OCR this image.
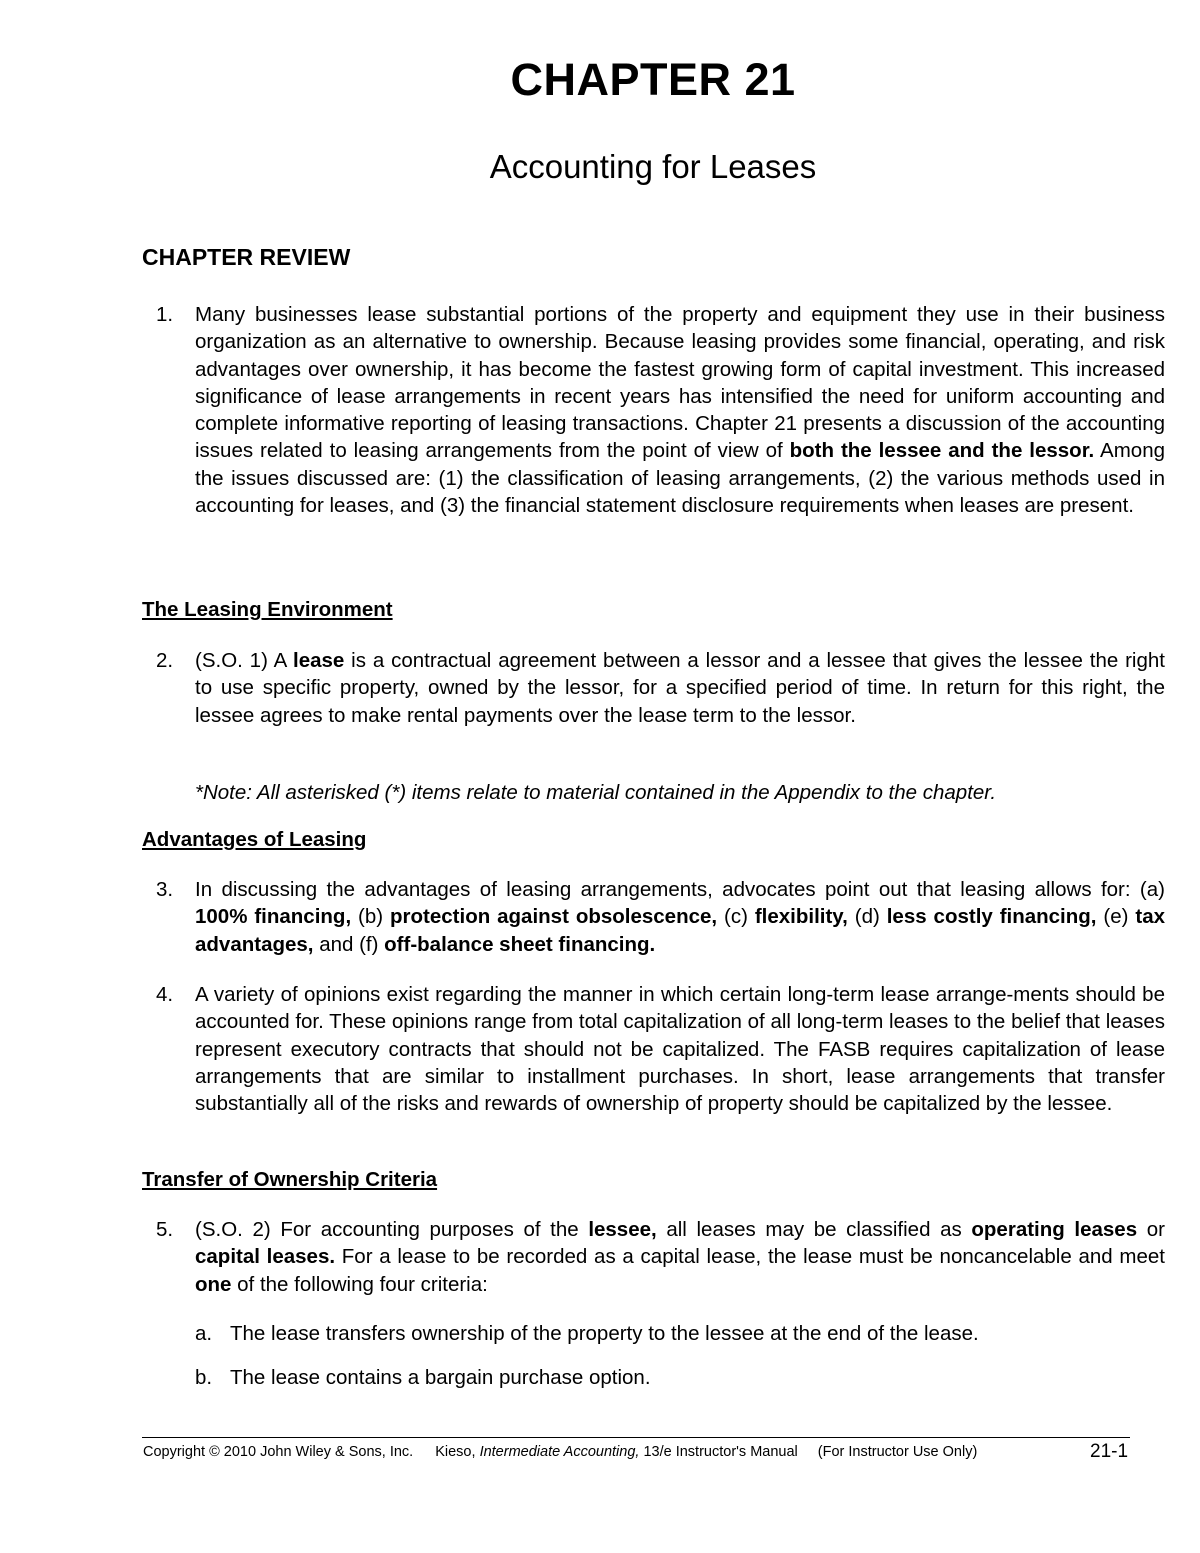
CHAPTER 21
Accounting for Leases
CHAPTER REVIEW
1. Many businesses lease substantial portions of the property and equipment they use in their business organization as an alternative to ownership. Because leasing provides some financial, operating, and risk advantages over ownership, it has become the fastest growing form of capital investment. This increased significance of lease arrangements in recent years has intensified the need for uniform accounting and complete informative reporting of leasing transactions. Chapter 21 presents a discussion of the accounting issues related to leasing arrangements from the point of view of both the lessee and the lessor. Among the issues discussed are: (1) the classification of leasing arrangements, (2) the various methods used in accounting for leases, and (3) the financial statement disclosure requirements when leases are present.
The Leasing Environment
2. (S.O. 1) A lease is a contractual agreement between a lessor and a lessee that gives the lessee the right to use specific property, owned by the lessor, for a specified period of time. In return for this right, the lessee agrees to make rental payments over the lease term to the lessor.
*Note: All asterisked (*) items relate to material contained in the Appendix to the chapter.
Advantages of Leasing
3. In discussing the advantages of leasing arrangements, advocates point out that leasing allows for: (a) 100% financing, (b) protection against obsolescence, (c) flexibility, (d) less costly financing, (e) tax advantages, and (f) off-balance sheet financing.
4. A variety of opinions exist regarding the manner in which certain long-term lease arrange-ments should be accounted for. These opinions range from total capitalization of all long-term leases to the belief that leases represent executory contracts that should not be capitalized. The FASB requires capitalization of lease arrangements that are similar to installment purchases. In short, lease arrangements that transfer substantially all of the risks and rewards of ownership of property should be capitalized by the lessee.
Transfer of Ownership Criteria
5. (S.O. 2) For accounting purposes of the lessee, all leases may be classified as operating leases or capital leases. For a lease to be recorded as a capital lease, the lease must be noncancelable and meet one of the following four criteria:
a. The lease transfers ownership of the property to the lessee at the end of the lease.
b. The lease contains a bargain purchase option.
Copyright © 2010 John Wiley & Sons, Inc. Kieso, Intermediate Accounting, 13/e Instructor's Manual (For Instructor Use Only)	21-1
